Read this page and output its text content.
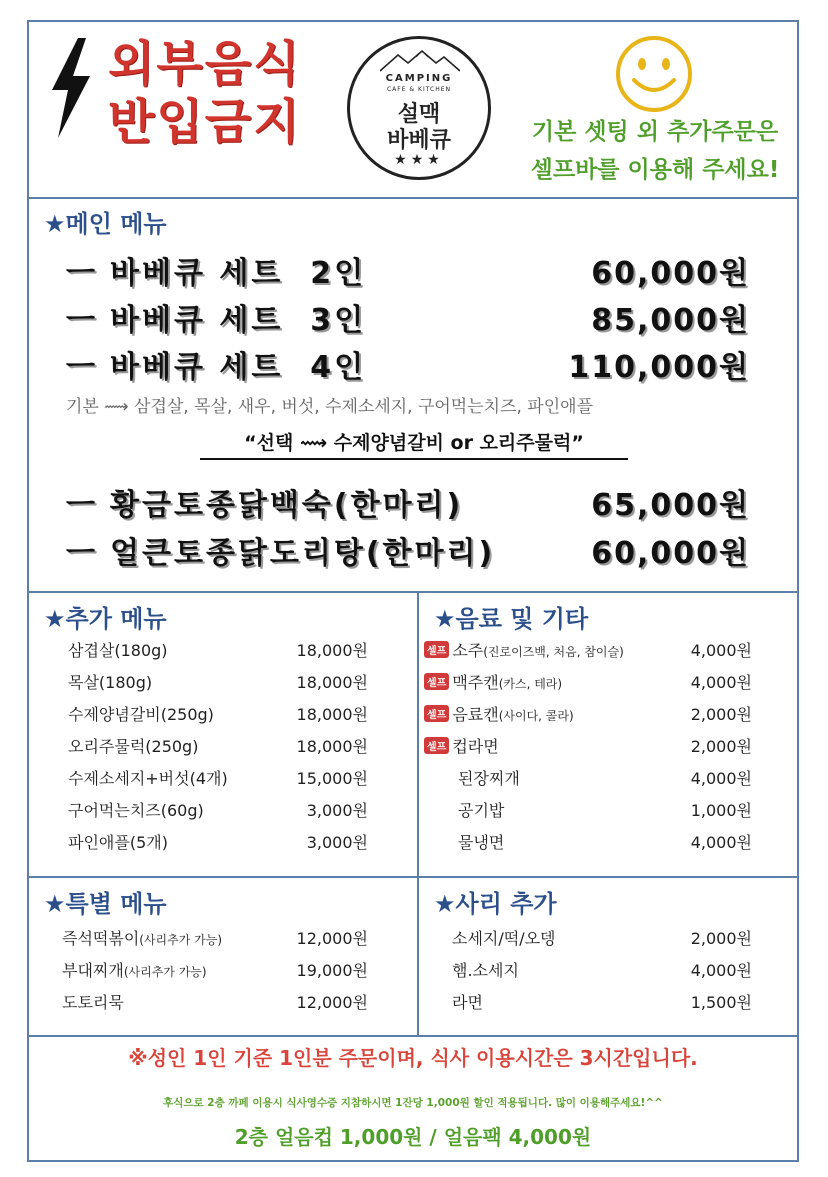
외부음식
반입금지
CAMPING
CAFE & KITCHEN
설맥
바베큐
★★★
기본 셋팅 외 추가주문은
셀프바를 이용해 주세요!
★메인 메뉴
ㅡ 바베큐 세트  2인	60,000원
ㅡ 바베큐 세트  3인	85,000원
ㅡ 바베큐 세트  4인	110,000원
기본 ⟿ 삼겹살, 목살, 새우, 버섯, 수제소세지, 구어먹는치즈, 파인애플
“선택 ⟿ 수제양념갈비 or 오리주물럭”
ㅡ 황금토종닭백숙(한마리)	65,000원
ㅡ 얼큰토종닭도리탕(한마리)	60,000원
★추가 메뉴
삼겹살(180g)	18,000원
목살(180g)	18,000원
수제양념갈비(250g)	18,000원
오리주물럭(250g)	18,000원
수제소세지+버섯(4개)	15,000원
구어먹는치즈(60g)	3,000원
파인애플(5개)	3,000원
★음료 및 기타
셀프 소주(진로이즈백, 처음, 참이슬)	4,000원
셀프 맥주캔(카스, 테라)	4,000원
셀프 음료캔(사이다, 콜라)	2,000원
셀프 컵라면	2,000원
된장찌개	4,000원
공기밥	1,000원
물냉면	4,000원
★특별 메뉴
즉석떡볶이(사리추가 가능)	12,000원
부대찌개(사리추가 가능)	19,000원
도토리묵	12,000원
★사리 추가
소세지/떡/오뎅	2,000원
햄.소세지	4,000원
라면	1,500원
※성인 1인 기준 1인분 주문이며, 식사 이용시간은 3시간입니다.
후식으로 2층 까페 이용시 식사영수증 지참하시면 1잔당 1,000원 할인 적용됩니다. 많이 이용해주세요!^^
2층 얼음컵 1,000원 / 얼음팩 4,000원
